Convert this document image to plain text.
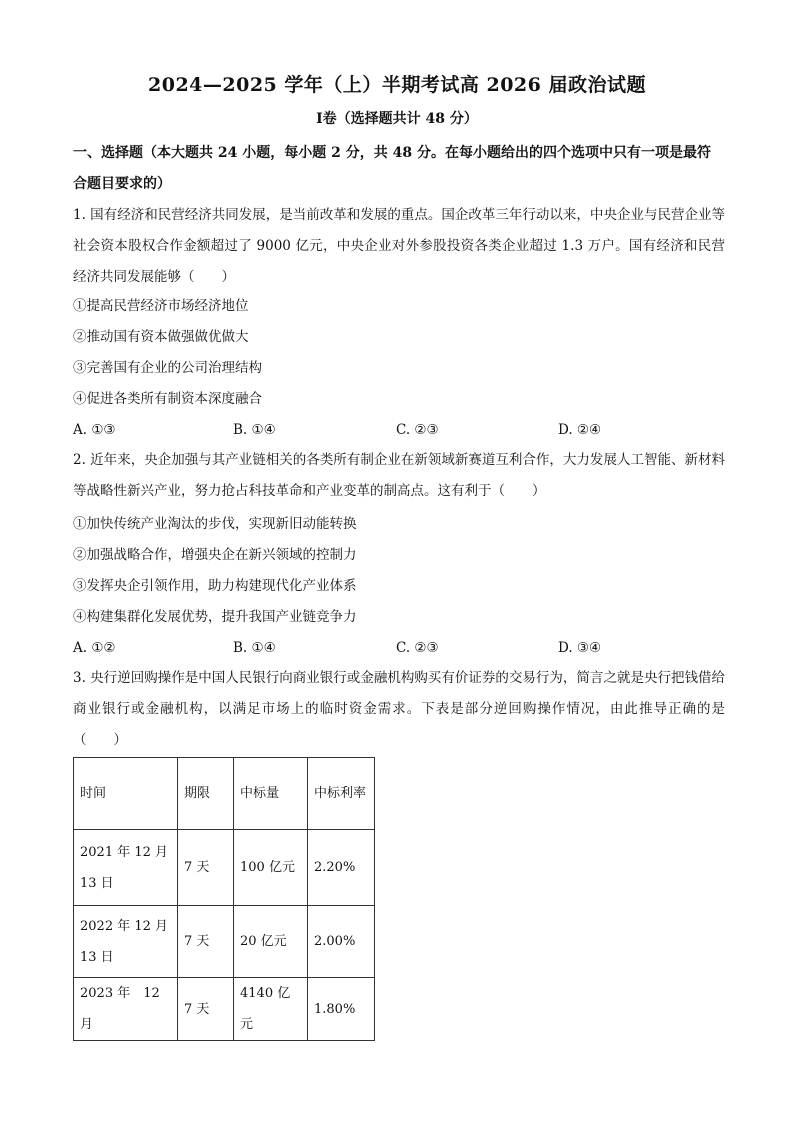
2024—2025 学年（上）半期考试高 2026 届政治试题
Ⅰ卷（选择题共计 48 分）
一、选择题（本大题共 24 小题，每小题 2 分，共 48 分。在每小题给出的四个选项中只有一项是最符合题目要求的）
1. 国有经济和民营经济共同发展，是当前改革和发展的重点。国企改革三年行动以来，中央企业与民营企业等社会资本股权合作金额超过了 9000 亿元，中央企业对外参股投资各类企业超过 1.3 万户。国有经济和民营经济共同发展能够（　　）
①提高民营经济市场经济地位
②推动国有资本做强做优做大
③完善国有企业的公司治理结构
④促进各类所有制资本深度融合
A. ①③	B. ①④	C. ②③	D. ②④
2. 近年来，央企加强与其产业链相关的各类所有制企业在新领域新赛道互利合作，大力发展人工智能、新材料等战略性新兴产业，努力抢占科技革命和产业变革的制高点。这有利于（　　）
①加快传统产业淘汰的步伐，实现新旧动能转换
②加强战略合作，增强央企在新兴领域的控制力
③发挥央企引领作用，助力构建现代化产业体系
④构建集群化发展优势，提升我国产业链竞争力
A. ①②	B. ①④	C. ②③	D. ③④
3. 央行逆回购操作是中国人民银行向商业银行或金融机构购买有价证券的交易行为，简言之就是央行把钱借给商业银行或金融机构，以满足市场上的临时资金需求。下表是部分逆回购操作情况，由此推导正确的是（　　）
时间	期限	中标量	中标利率
2021 年 12 月 13 日	7 天	100 亿元	2.20%
2022 年 12 月 13 日	7 天	20 亿元	2.00%
2023 年　12 月	7 天	4140 亿元	1.80%
